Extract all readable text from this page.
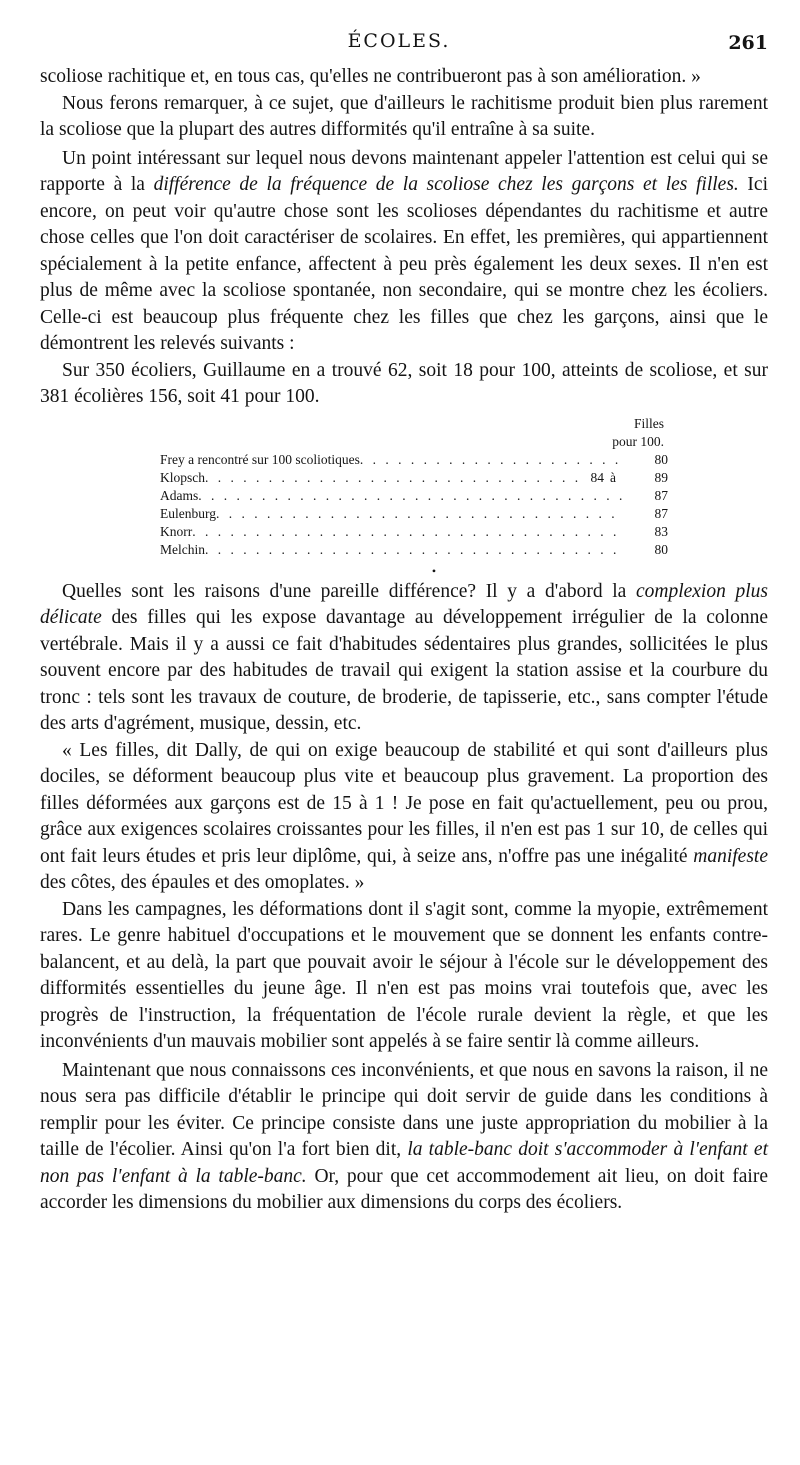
ÉCOLES.	261

scoliose rachitique et, en tous cas, qu'elles ne contribueront pas à son amélioration. »

Nous ferons remarquer, à ce sujet, que d'ailleurs le rachitisme produit bien plus rarement la scoliose que la plupart des autres difformités qu'il entraîne à sa suite.

Un point intéressant sur lequel nous devons maintenant appeler l'attention est celui qui se rapporte à la différence de la fréquence de la scoliose chez les garçons et les filles. Ici encore, on peut voir qu'autre chose sont les scolioses dépendantes du rachitisme et autre chose celles que l'on doit caractériser de scolaires. En effet, les premières, qui appartiennent spécialement à la petite enfance, affectent à peu près également les deux sexes. Il n'en est plus de même avec la scoliose spontanée, non secondaire, qui se montre chez les écoliers. Celle-ci est beaucoup plus fréquente chez les filles que chez les garçons, ainsi que le démontrent les relevés suivants :

Sur 350 écoliers, Guillaume en a trouvé 62, soit 18 pour 100, atteints de scoliose, et sur 381 écolières 156, soit 41 pour 100.

Filles
pour 100.
Frey a rencontré sur 100 scoliotiques . . .	80
Klopsch . . .	84 à	89
Adams . . .	87
Eulenburg . . .	87
Knorr . . .	83
Melchin . . .	80
•

Quelles sont les raisons d'une pareille différence? Il y a d'abord la complexion plus délicate des filles qui les expose davantage au développement irrégulier de la colonne vertébrale. Mais il y a aussi ce fait d'habitudes sédentaires plus grandes, sollicitées le plus souvent encore par des habitudes de travail qui exigent la station assise et la courbure du tronc : tels sont les travaux de couture, de broderie, de tapisserie, etc., sans compter l'étude des arts d'agrément, musique, dessin, etc.

« Les filles, dit Dally, de qui on exige beaucoup de stabilité et qui sont d'ailleurs plus dociles, se déforment beaucoup plus vite et beaucoup plus gravement. La proportion des filles déformées aux garçons est de 15 à 1 ! Je pose en fait qu'actuellement, peu ou prou, grâce aux exigences scolaires croissantes pour les filles, il n'en est pas 1 sur 10, de celles qui ont fait leurs études et pris leur diplôme, qui, à seize ans, n'offre pas une inégalité manifeste des côtes, des épaules et des omoplates. »

Dans les campagnes, les déformations dont il s'agit sont, comme la myopie, extrêmement rares. Le genre habituel d'occupations et le mouvement que se donnent les enfants contre-balancent, et au delà, la part que pouvait avoir le séjour à l'école sur le développement des difformités essentielles du jeune âge. Il n'en est pas moins vrai toutefois que, avec les progrès de l'instruction, la fréquentation de l'école rurale devient la règle, et que les inconvénients d'un mauvais mobilier sont appelés à se faire sentir là comme ailleurs.

Maintenant que nous connaissons ces inconvénients, et que nous en savons la raison, il ne nous sera pas difficile d'établir le principe qui doit servir de guide dans les conditions à remplir pour les éviter. Ce principe consiste dans une juste appropriation du mobilier à la taille de l'écolier. Ainsi qu'on l'a fort bien dit, la table-banc doit s'accommoder à l'enfant et non pas l'enfant à la table-banc. Or, pour que cet accommodement ait lieu, on doit faire accorder les dimensions du mobilier aux dimensions du corps des écoliers.
